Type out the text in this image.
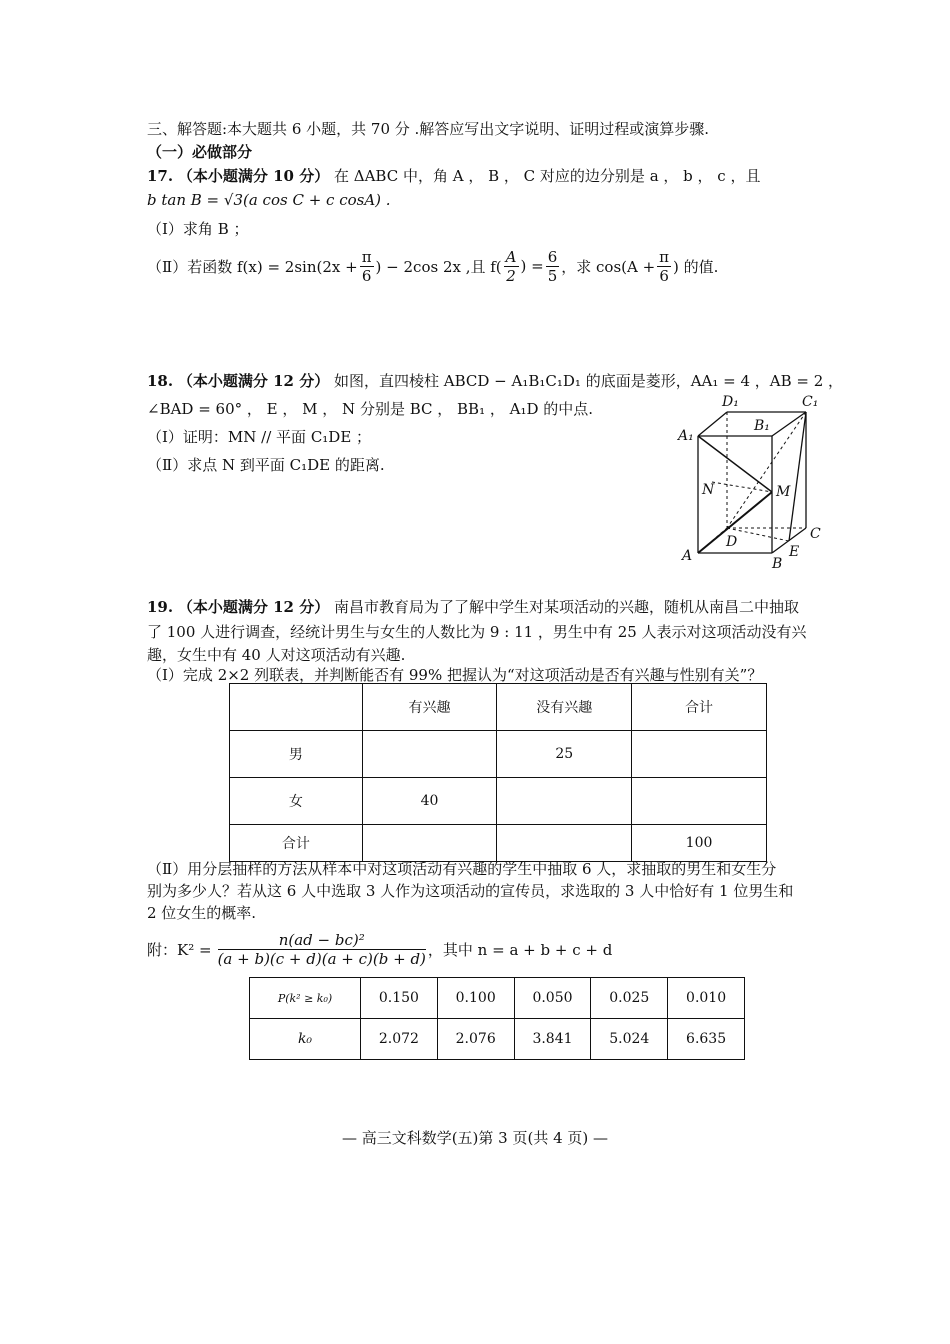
三、解答题:本大题共 6 小题，共 70 分 .解答应写出文字说明、证明过程或演算步骤.
（一）必做部分
17. （本小题满分 10 分） 在 ΔABC 中，角 A ， B ， C 对应的边分别是 a ， b ， c ，且
b tan B = √3(a cos C + c cosA) .
（Ⅰ）求角 B ；
（Ⅱ）若函数 $f(x) = 2\sin(2x + \frac{\pi}{6}$ ) − 2cos 2x ,且 $f( \frac{A}{2}$ ) = $\frac{6}{5}$ ，求 $\cos(A + \frac{\pi}{6}$ ) 的值.
18. （本小题满分 12 分） 如图，直四棱柱 ABCD − A₁B₁C₁D₁ 的底面是菱形，AA₁ = 4 ，AB = 2 ，
∠BAD = 60° ， E ， M ， N 分别是 BC ， BB₁ ， A₁D 的中点.
（Ⅰ）证明：MN // 平面 C₁DE ；
（Ⅱ）求点 N 到平面 C₁DE 的距离.
D₁	C₁
A₁
B₁
N	M
A
D	C
E
B
19. （本小题满分 12 分） 南昌市教育局为了了解中学生对某项活动的兴趣，随机从南昌二中抽取
了 100 人进行调查，经统计男生与女生的人数比为 9 : 11 ，男生中有 25 人表示对这项活动没有兴
趣，女生中有 40 人对这项活动有兴趣.
（Ⅰ）完成 2×2 列联表，并判断能否有 99% 把握认为“对这项活动是否有兴趣与性别有关”？
	有兴趣	没有兴趣	合计
男		25	
女	40		
合计			100
（Ⅱ）用分层抽样的方法从样本中对这项活动有兴趣的学生中抽取 6 人，求抽取的男生和女生分
别为多少人？若从这 6 人中选取 3 人作为这项活动的宣传员，求选取的 3 人中恰好有 1 位男生和
2 位女生的概率.
附：$K^2 = \frac{\text{n(ad − bc)²}}{(a + b)(c + d)(a + c)(b + d)}$ ，其中 n = a + b + c + d
P(k² ≥ k₀)	0.150	0.100	0.050	0.025	0.010
k₀	2.072	2.076	3.841	5.024	6.635
— 高三文科数学(五)第 3 页(共 4 页) —
